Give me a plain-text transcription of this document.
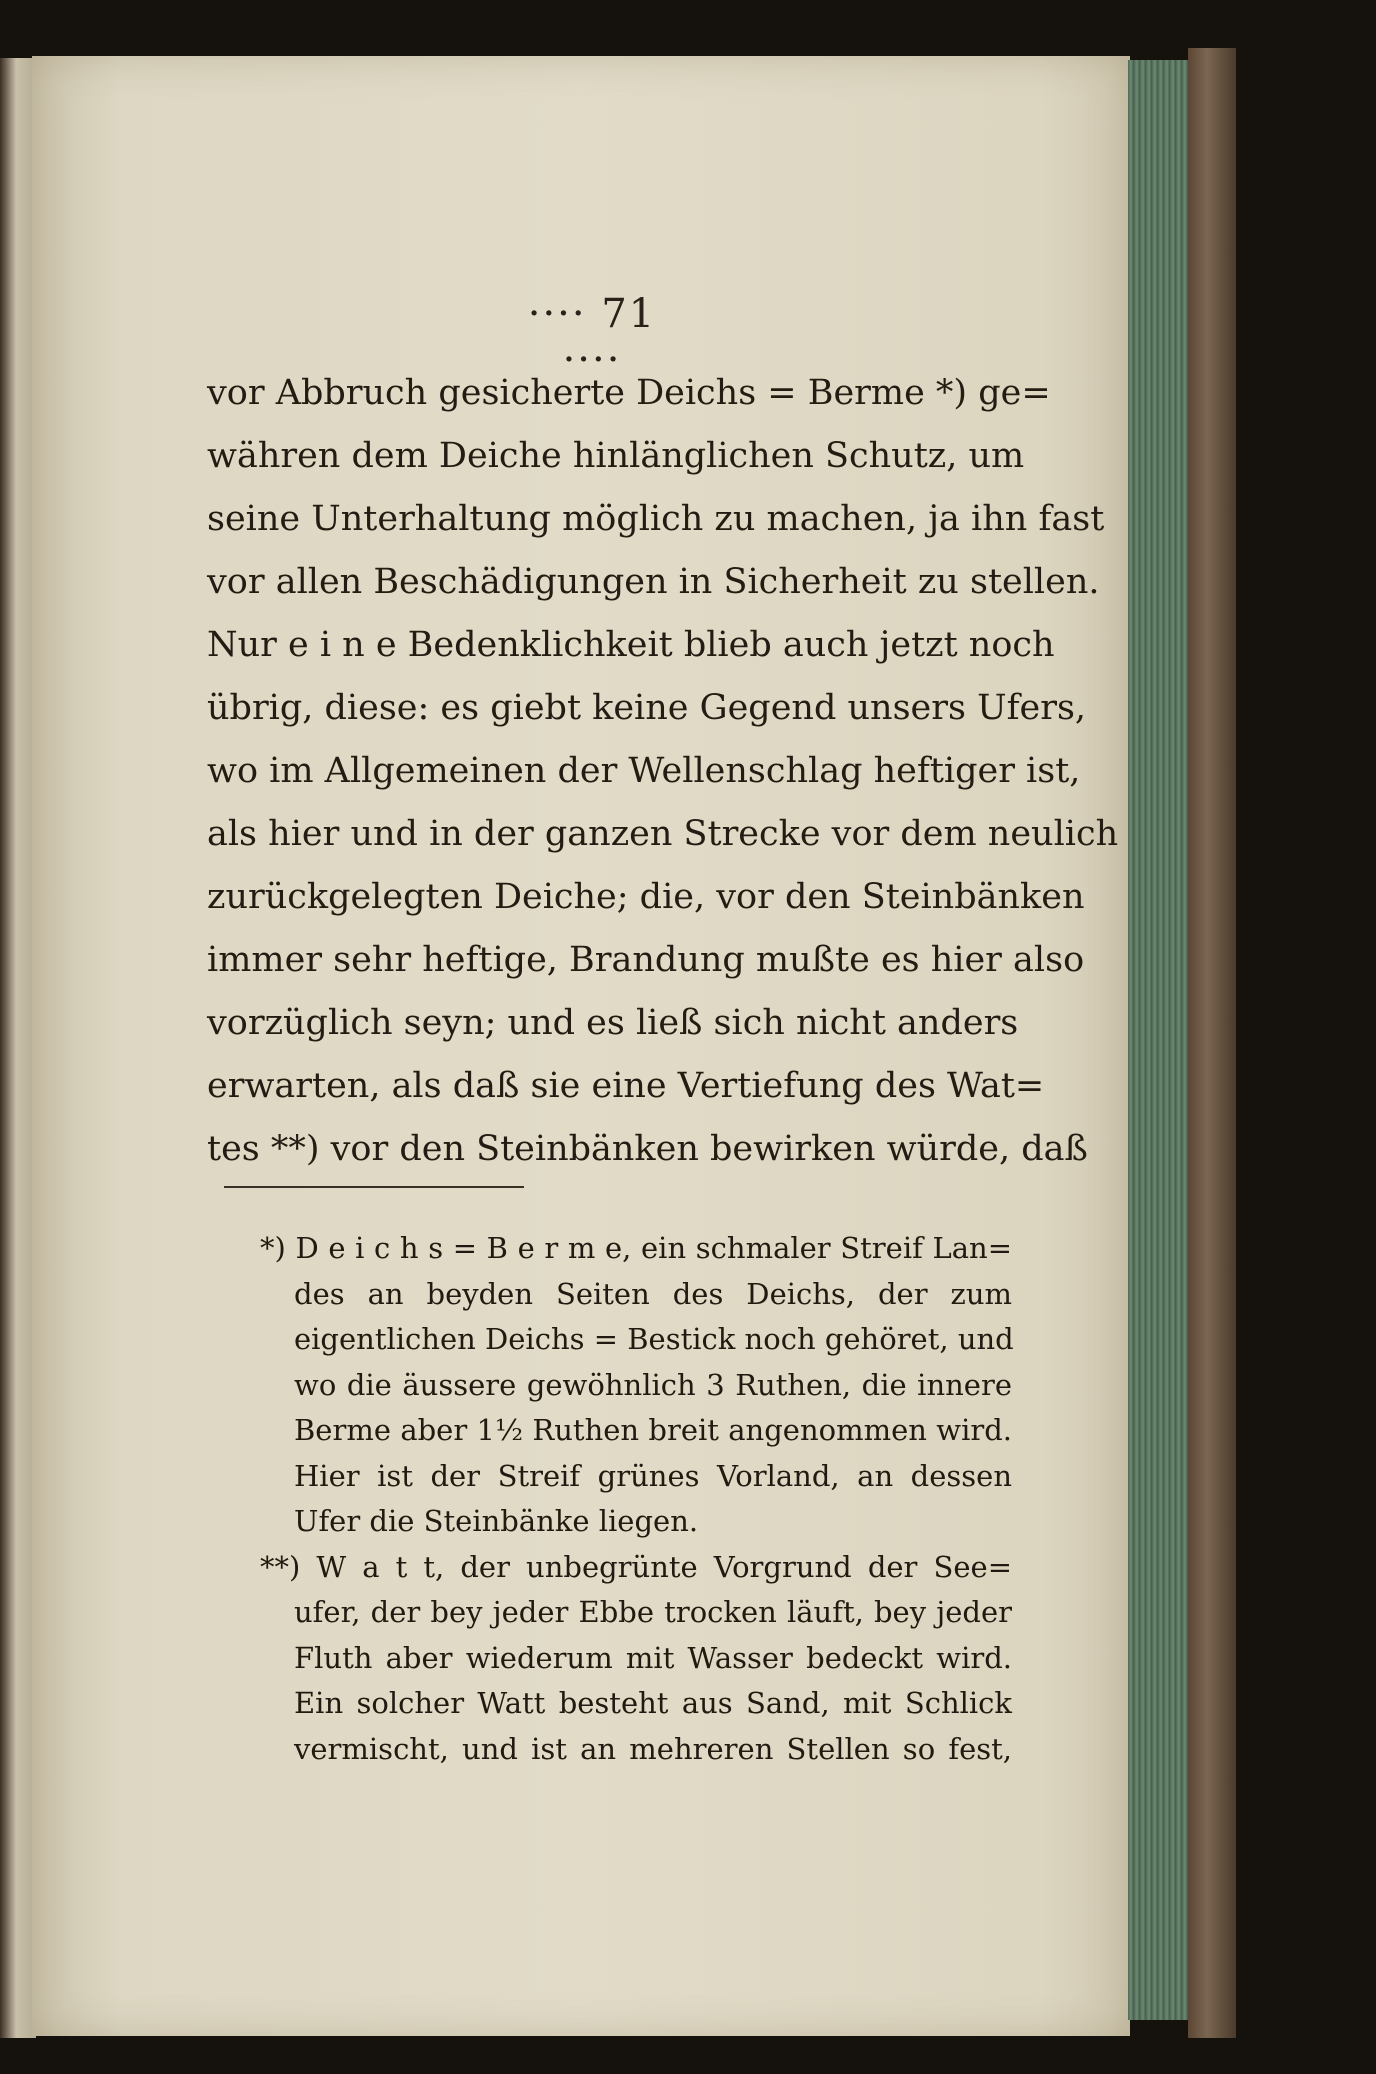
···· 71 ····
vor Abbruch gesicherte Deichs = Berme *) ge=
währen dem Deiche hinlänglichen Schutz, um
seine Unterhaltung möglich zu machen, ja ihn fast
vor allen Beschädigungen in Sicherheit zu stellen.
Nur e i n e Bedenklichkeit blieb auch jetzt noch
übrig, diese: es giebt keine Gegend unsers Ufers,
wo im Allgemeinen der Wellenschlag heftiger ist,
als hier und in der ganzen Strecke vor dem neulich
zurückgelegten Deiche; die, vor den Steinbänken
immer sehr heftige, Brandung mußte es hier also
vorzüglich seyn; und es ließ sich nicht anders
erwarten, als daß sie eine Vertiefung des Wat=
tes **) vor den Steinbänken bewirken würde, daß
*) D e i c h s = B e r m e, ein schmaler Streif Lan=
des an beyden Seiten des Deichs, der zum
eigentlichen Deichs = Bestick noch gehöret, und
wo die äussere gewöhnlich 3 Ruthen, die innere
Berme aber 1½ Ruthen breit angenommen wird.
Hier ist der Streif grünes Vorland, an dessen
Ufer die Steinbänke liegen.
**) W a t t, der unbegrünte Vorgrund der See=
ufer, der bey jeder Ebbe trocken läuft, bey jeder
Fluth aber wiederum mit Wasser bedeckt wird.
Ein solcher Watt besteht aus Sand, mit Schlick
vermischt, und ist an mehreren Stellen so fest,
